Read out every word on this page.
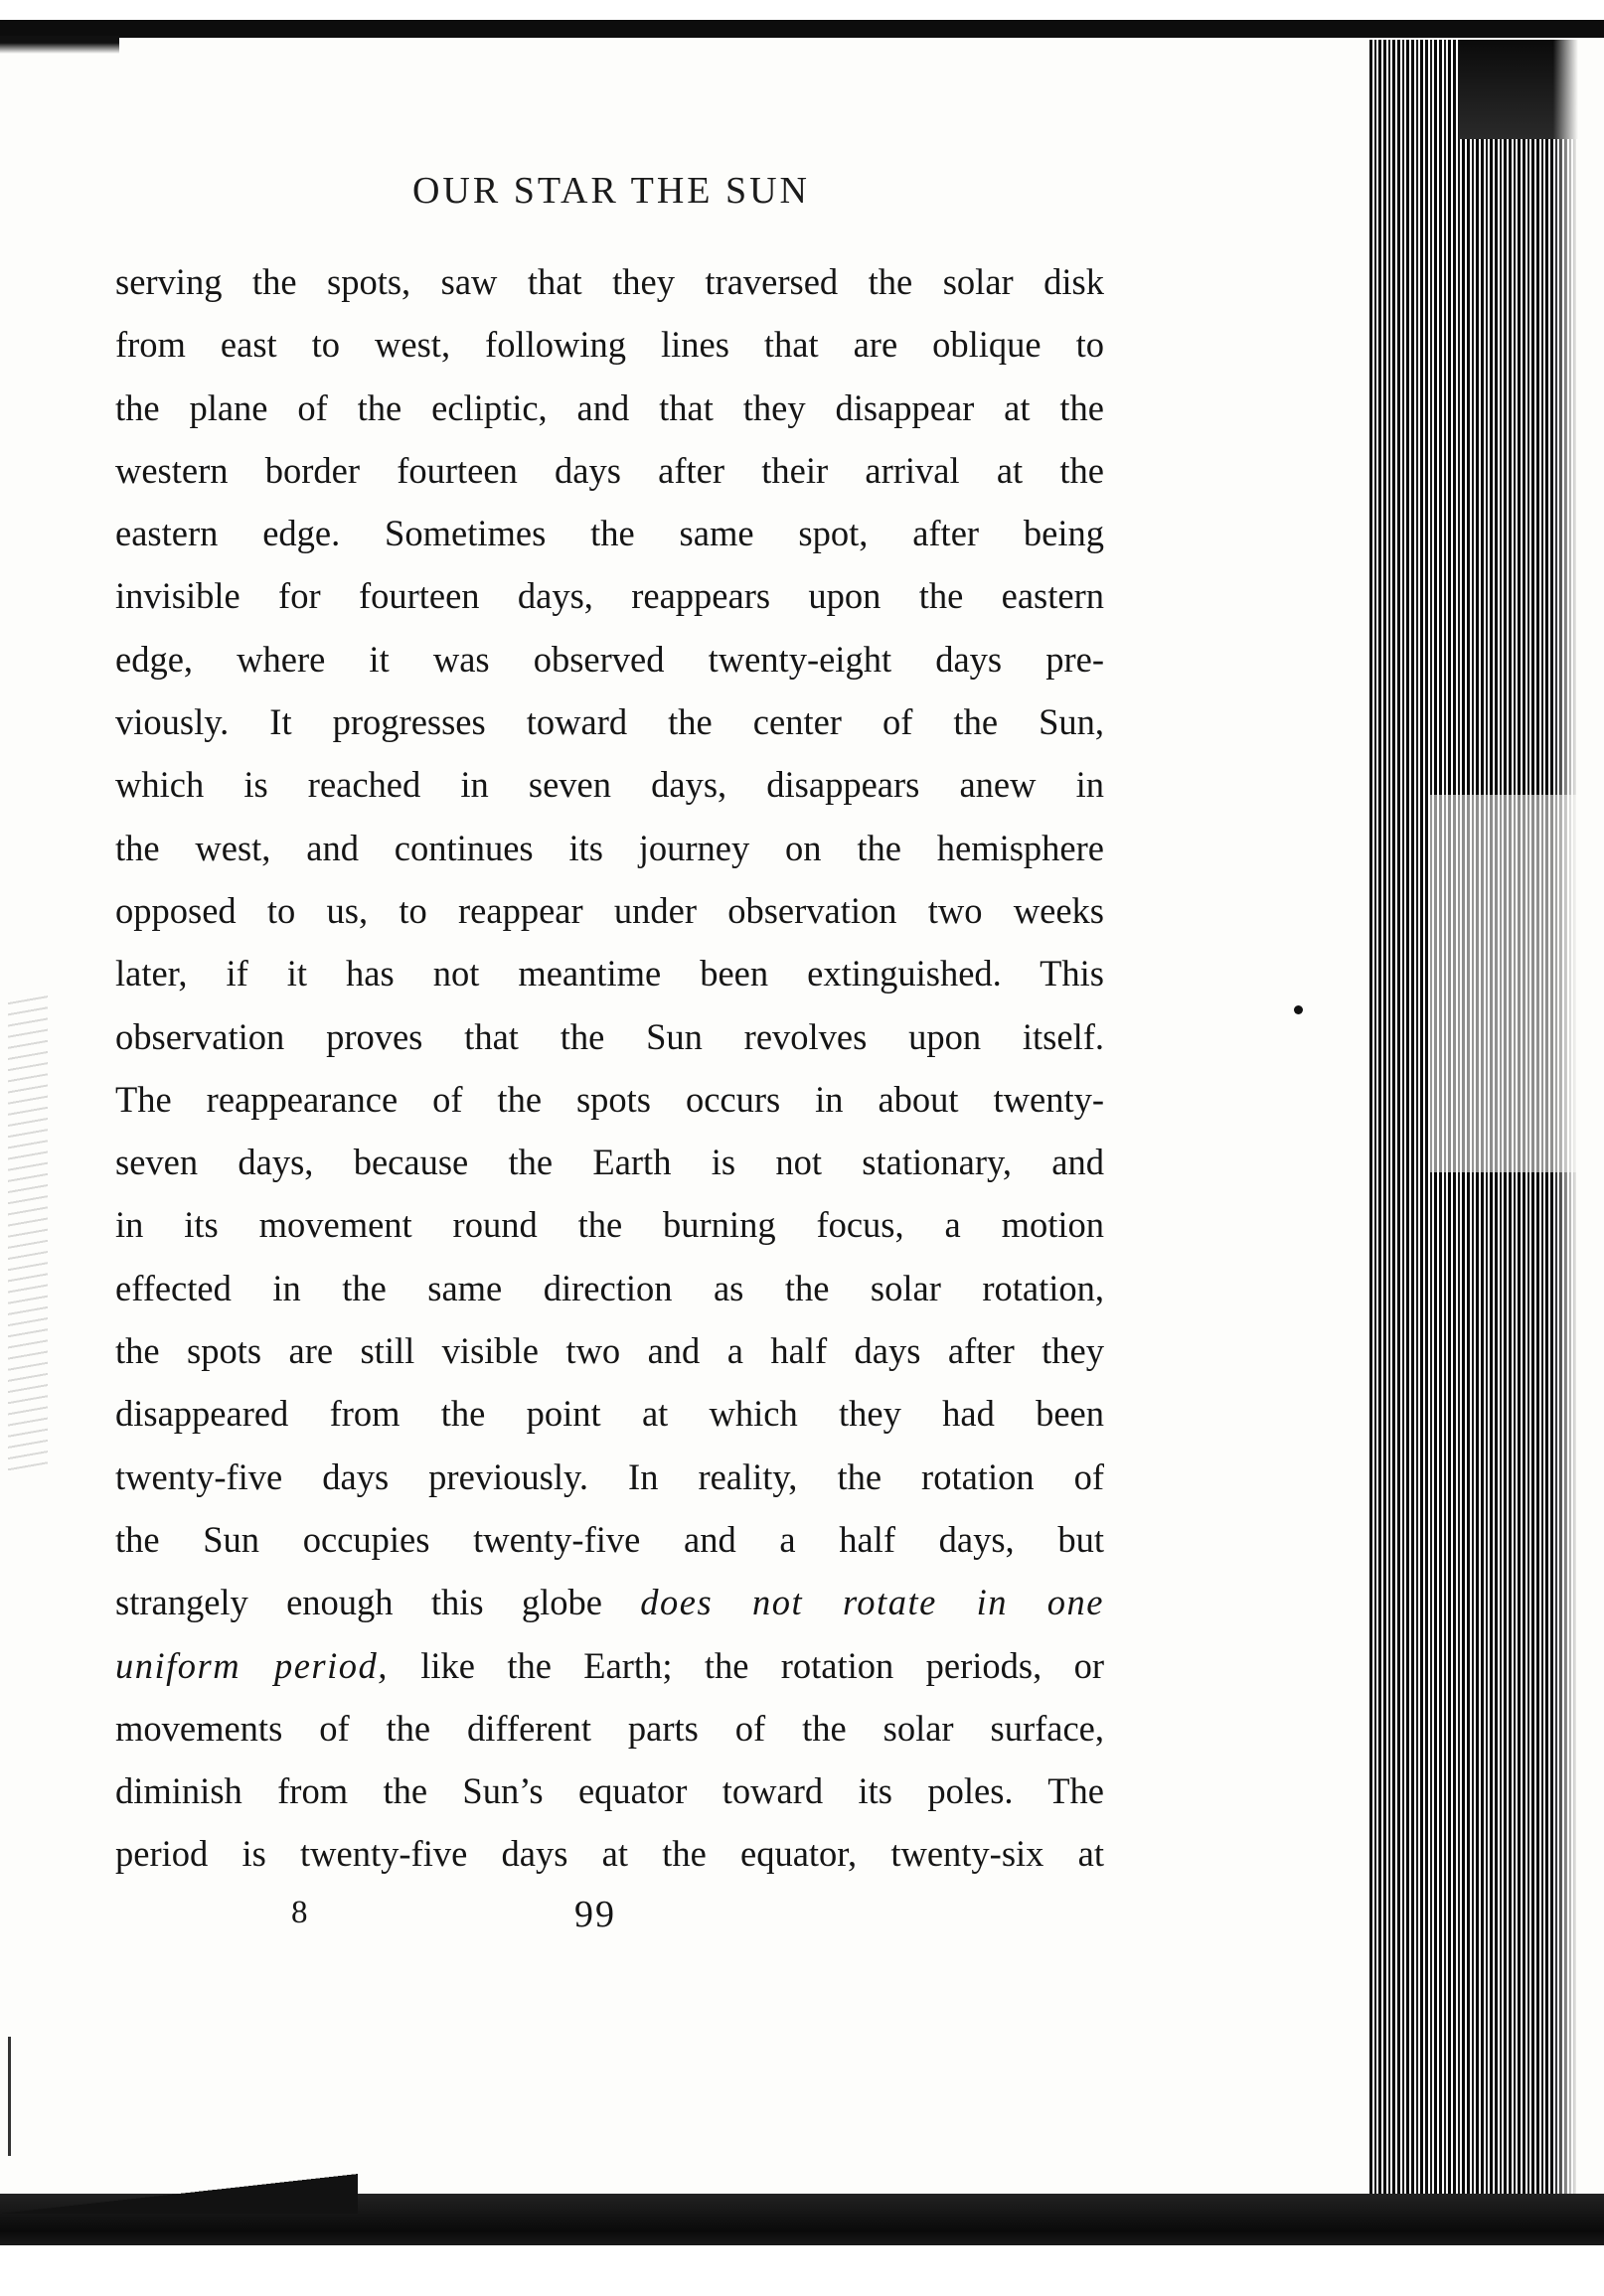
OUR STAR THE SUN
serving the spots, saw that they traversed the solar disk
from east to west, following lines that are oblique to
the plane of the ecliptic, and that they disappear at the
western border fourteen days after their arrival at the
eastern edge. Sometimes the same spot, after being
invisible for fourteen days, reappears upon the eastern
edge, where it was observed twenty-eight days pre-
viously. It progresses toward the center of the Sun,
which is reached in seven days, disappears anew in
the west, and continues its journey on the hemisphere
opposed to us, to reappear under observation two weeks
later, if it has not meantime been extinguished. This
observation proves that the Sun revolves upon itself.
The reappearance of the spots occurs in about twenty-
seven days, because the Earth is not stationary, and
in its movement round the burning focus, a motion
effected in the same direction as the solar rotation,
the spots are still visible two and a half days after they
disappeared from the point at which they had been
twenty-five days previously. In reality, the rotation of
the Sun occupies twenty-five and a half days, but
strangely enough this globe does not rotate in one
uniform period, like the Earth; the rotation periods, or
movements of the different parts of the solar surface,
diminish from the Sun’s equator toward its poles. The
period is twenty-five days at the equator, twenty-six at
8	99
